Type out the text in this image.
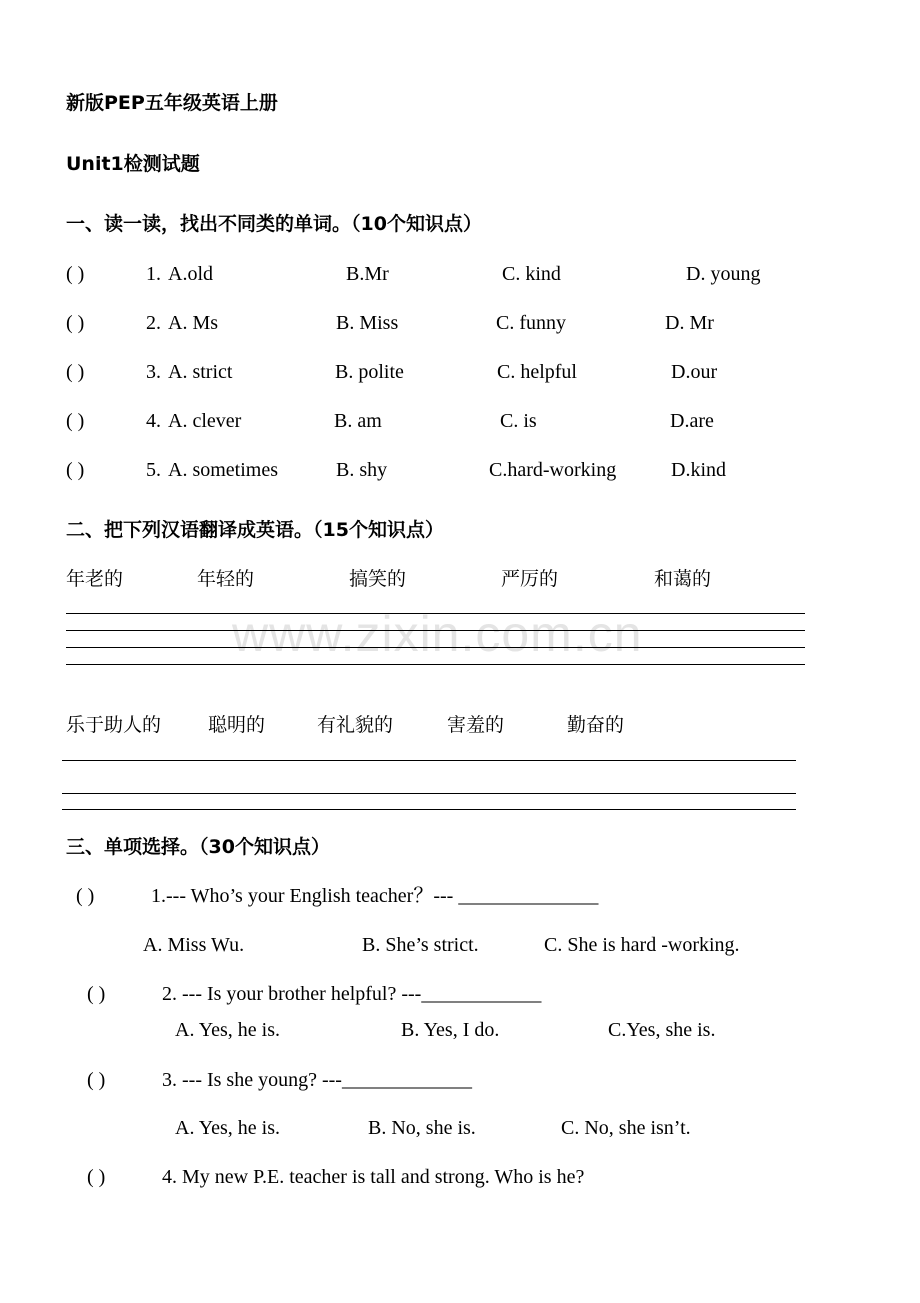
www.zixin.com.cn
新版PEP五年级英语上册
Unit1检测试题
一、读一读，找出不同类的单词。（10个知识点）
( )	1. A.old	B.Mr	C. kind	D. young
( )	2. A. Ms	B. Miss	C. funny	D. Mr
( )	3. A. strict	B. polite	C. helpful	D.our
( )	4. A. clever	B. am	C. is	D.are
( )	5. A. sometimes	B. shy	C.hard-working	D.kind
二、把下列汉语翻译成英语。（15个知识点）
年老的	年轻的	搞笑的	严厉的	和蔼的
乐于助人的 聪明的	有礼貌的	害羞的	勤奋的
三、单项选择。（30个知识点）
( )	1.--- Who’s your English teacher？--- ______________
A. Miss Wu.	B. She’s strict.	C. She is hard -working.
( )	2. --- Is your brother helpful? ---____________
A. Yes, he is.	B. Yes, I do.	C.Yes, she is.
( )	3. --- Is she young? ---_____________
A. Yes, he is.	B. No, she is.	C. No, she isn’t.
( )	4. My new P.E. teacher is tall and strong. Who is he?
